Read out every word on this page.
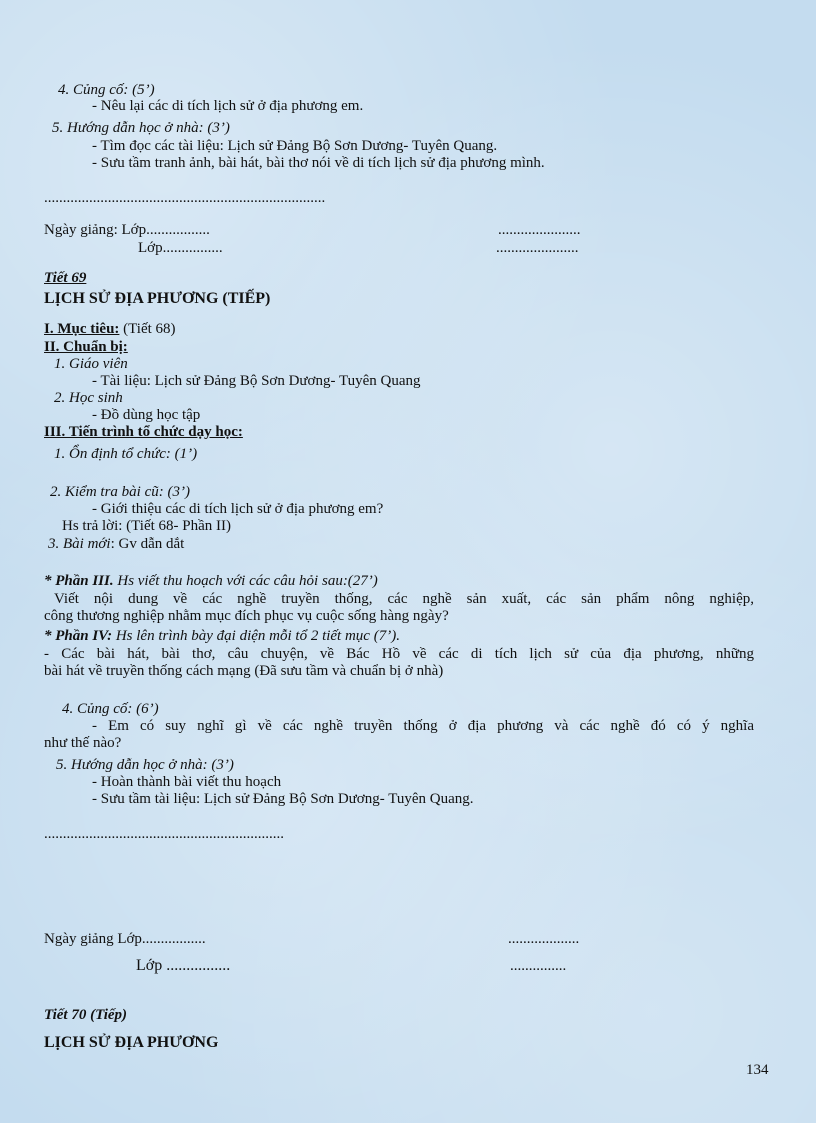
4. Củng cố: (5’)
- Nêu lại các di tích lịch sử ở địa phương em.
5. Hướng dẫn học ở nhà: (3’)
- Tìm đọc các tài liệu: Lịch sử Đảng Bộ Sơn Dương- Tuyên Quang.
- Sưu tầm tranh ảnh, bài hát, bài thơ nói về di tích lịch sử địa phương mình.
...........................................................................
Ngày giảng: Lớp.................	......................
Lớp................	......................
Tiết 69
LỊCH SỬ ĐỊA PHƯƠNG (TIẾP)
I. Mục tiêu: (Tiết 68)
II. Chuẩn bị:
1. Giáo viên
- Tài liệu: Lịch sử Đảng Bộ Sơn Dương- Tuyên Quang
2. Học sinh
- Đồ dùng học tập
III. Tiến trình tổ chức dạy học:
1. Ổn định tổ chức: (1’)
2. Kiểm tra bài cũ: (3’)
- Giới thiệu các di tích lịch sử ở địa phương em?
Hs trả lời: (Tiết 68- Phần II)
3. Bài mới: Gv dẫn dắt
* Phần III. Hs viết thu hoạch với các câu hỏi sau:(27’)
Viết nội dung về các nghề truyền thống, các nghề sản xuất, các sản phẩm nông nghiệp,
công thương nghiệp nhằm mục đích phục vụ cuộc sống hàng ngày?
* Phần IV: Hs lên trình bày đại diện mỗi tổ 2 tiết mục (7’).
- Các bài hát, bài thơ, câu chuyện, về Bác Hồ về các di tích lịch sử của địa phương, những
bài hát về truyền thống cách mạng (Đã sưu tầm và chuẩn bị ở nhà)
4. Củng cố: (6’)
- Em có suy nghĩ gì về các nghề truyền thống ở địa phương và các nghề đó có ý nghĩa
như thế nào?
5. Hướng dẫn học ở nhà: (3’)
- Hoàn thành bài viết thu hoạch
- Sưu tầm tài liệu: Lịch sử Đảng Bộ Sơn Dương- Tuyên Quang.
................................................................
Ngày giảng Lớp.................	...................
Lớp ................	...............
Tiết 70 (Tiếp)
LỊCH SỬ ĐỊA PHƯƠNG
134
